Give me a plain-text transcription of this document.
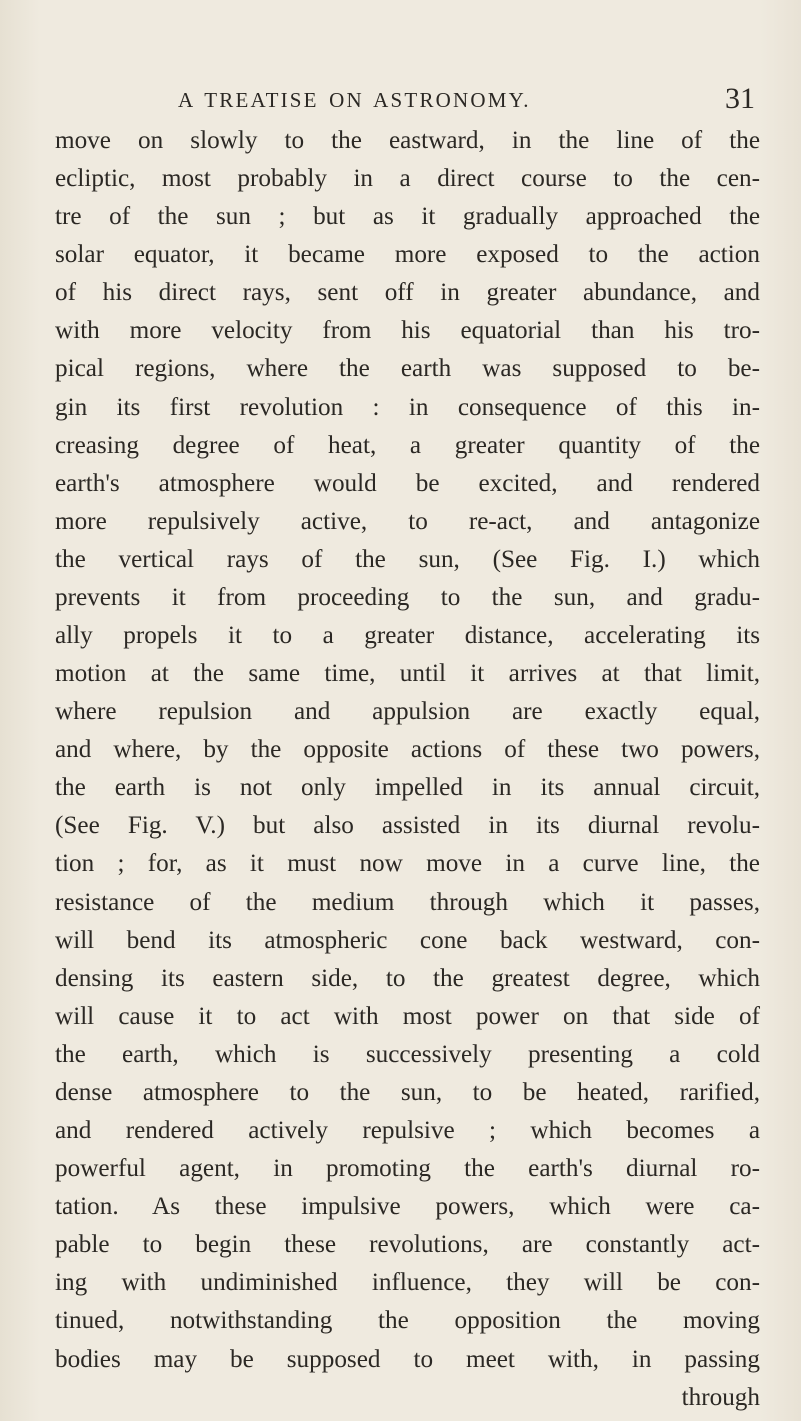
A TREATISE ON ASTRONOMY.	31
move on slowly to the eastward, in the line of the
ecliptic, most probably in a direct course to the cen-
tre of the sun ; but as it gradually approached the
solar equator, it became more exposed to the action
of his direct rays, sent off in greater abundance, and
with more velocity from his equatorial than his tro-
pical regions, where the earth was supposed to be-
gin its first revolution : in consequence of this in-
creasing degree of heat, a greater quantity of the
earth's atmosphere would be excited, and rendered
more repulsively active, to re-act, and antagonize
the vertical rays of the sun, (See Fig. I.) which
prevents it from proceeding to the sun, and gradu-
ally propels it to a greater distance, accelerating its
motion at the same time, until it arrives at that limit,
where repulsion and appulsion are exactly equal,
and where, by the opposite actions of these two powers,
the earth is not only impelled in its annual circuit,
(See Fig. V.) but also assisted in its diurnal revolu-
tion ; for, as it must now move in a curve line, the
resistance of the medium through which it passes,
will bend its atmospheric cone back westward, con-
densing its eastern side, to the greatest degree, which
will cause it to act with most power on that side of
the earth, which is successively presenting a cold
dense atmosphere to the sun, to be heated, rarified,
and rendered actively repulsive ; which becomes a
powerful agent, in promoting the earth's diurnal ro-
tation. As these impulsive powers, which were ca-
pable to begin these revolutions, are constantly act-
ing with undiminished influence, they will be con-
tinued, notwithstanding the opposition the moving
bodies may be supposed to meet with, in passing
through
